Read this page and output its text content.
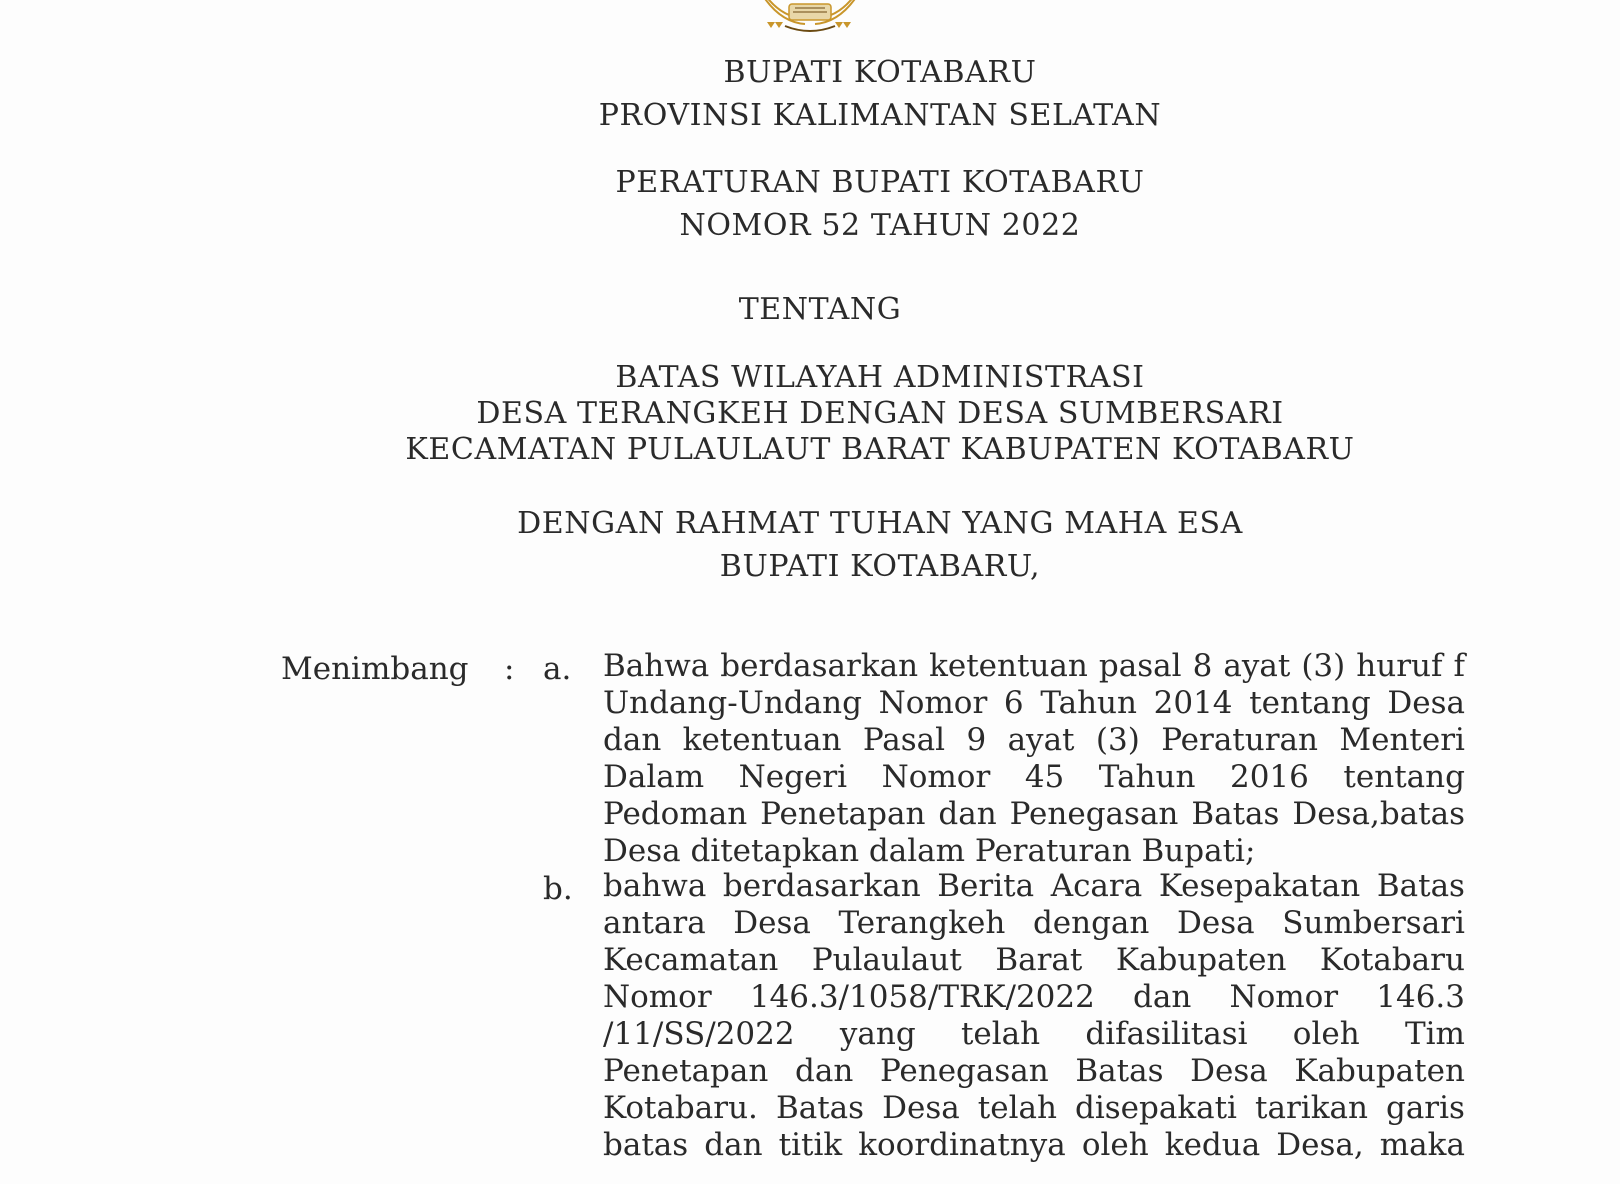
BUPATI KOTABARU
PROVINSI KALIMANTAN SELATAN
PERATURAN BUPATI KOTABARU
NOMOR 52 TAHUN 2022
TENTANG
BATAS WILAYAH ADMINISTRASI
DESA TERANGKEH DENGAN DESA SUMBERSARI
KECAMATAN PULAULAUT BARAT KABUPATEN KOTABARU
DENGAN RAHMAT TUHAN YANG MAHA ESA
BUPATI KOTABARU,
Menimbang : a. Bahwa berdasarkan ketentuan pasal 8 ayat (3) huruf f
Undang-Undang Nomor 6 Tahun 2014 tentang Desa
dan ketentuan Pasal 9 ayat (3) Peraturan Menteri
Dalam Negeri Nomor 45 Tahun 2016 tentang
Pedoman Penetapan dan Penegasan Batas Desa,batas
Desa ditetapkan dalam Peraturan Bupati;
b. bahwa berdasarkan Berita Acara Kesepakatan Batas
antara Desa Terangkeh dengan Desa Sumbersari
Kecamatan Pulaulaut Barat Kabupaten Kotabaru
Nomor 146.3/1058/TRK/2022 dan Nomor 146.3
/11/SS/2022 yang telah difasilitasi oleh Tim
Penetapan dan Penegasan Batas Desa Kabupaten
Kotabaru. Batas Desa telah disepakati tarikan garis
batas dan titik koordinatnya oleh kedua Desa, maka
